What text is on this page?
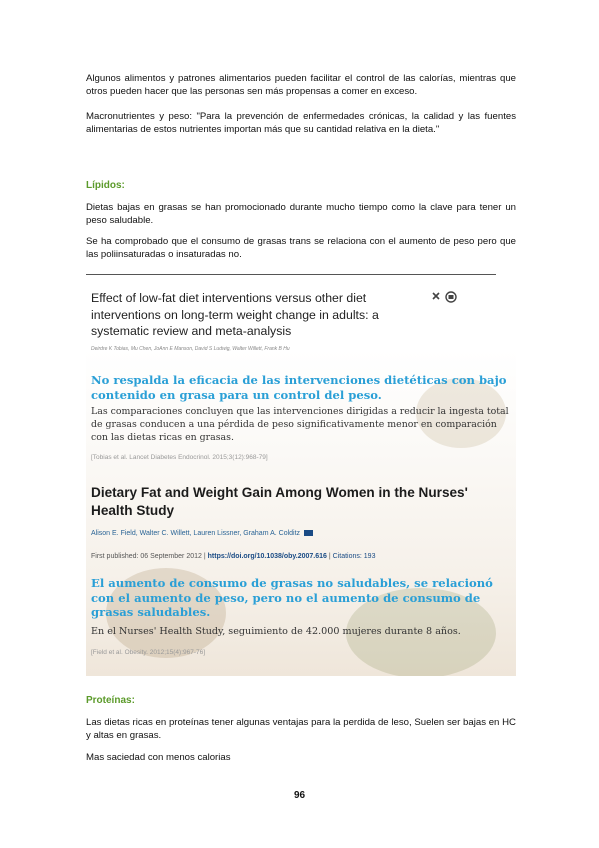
Algunos alimentos y patrones alimentarios pueden facilitar el control de las calorías, mientras que otros pueden hacer que las personas sen más propensas a comer en exceso.

Macronutrientes y peso: "Para la prevención de enfermedades crónicas, la calidad y las fuentes alimentarias de estos nutrientes importan más que su cantidad relativa en la dieta."

Lípidos:

Dietas bajas en grasas se han promocionado durante mucho tiempo como la clave para tener un peso saludable.

Se ha comprobado que el consumo de grasas trans se relaciona con el aumento de peso pero que las poliinsaturadas o insaturadas no.

Effect of low-fat diet interventions versus other diet interventions on long-term weight change in adults: a systematic review and meta-analysis

Deirdre K Tobias, Mu Chen, JoAnn E Manson, David S Ludwig, Walter Willett, Frank B Hu

No respalda la eficacia de las intervenciones dietéticas con bajo contenido en grasa para un control del peso.

Las comparaciones concluyen que las intervenciones dirigidas a reducir la ingesta total de grasas conducen a una pérdida de peso significativamente menor en comparación con las dietas ricas en grasas.

[Tobias et al. Lancet Diabetes Endocrinol. 2015;3(12):968-79]

Dietary Fat and Weight Gain Among Women in the Nurses' Health Study

Alison E. Field, Walter C. Willett, Lauren Lissner, Graham A. Colditz
First published: 06 September 2012 | https://doi.org/10.1038/oby.2007.616 | Citations: 193

El aumento de consumo de grasas no saludables, se relacionó con el aumento de peso, pero no el aumento de consumo de grasas saludables.

En el Nurses' Health Study, seguimiento de 42.000 mujeres durante 8 años.

[Field et al. Obesity. 2012;15(4):967-76]

Proteínas:

Las dietas ricas en proteínas tener algunas ventajas para la perdida de leso, Suelen ser bajas en HC y altas en grasas.

Mas saciedad con menos calorias

96
